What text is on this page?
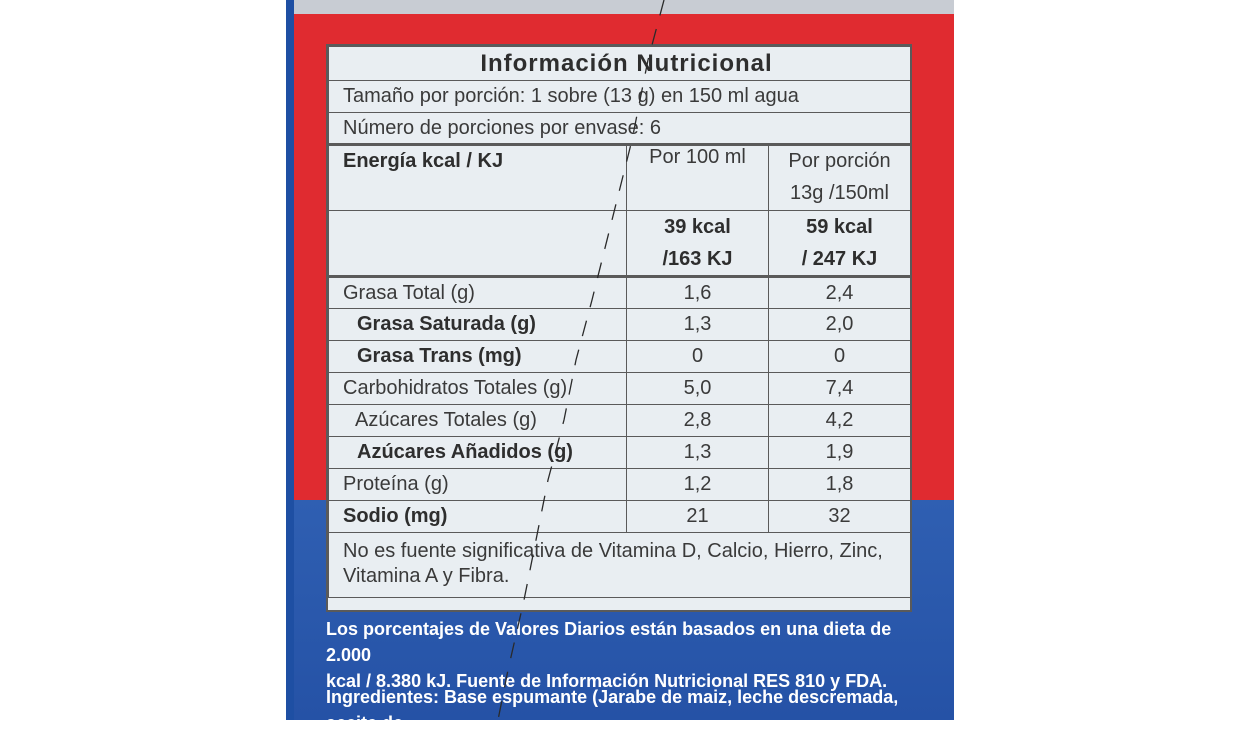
Información Nutricional		
Tamaño por porción: 1 sobre (13 g) en 150 ml agua		
Número de porciones por envase: 6		
Energía kcal / KJ	Por 100 ml	Por porción
		13g /150ml
	39 kcal	59 kcal
	/163 KJ	/ 247 KJ
Grasa Total (g)	1,6	2,4
Grasa Saturada (g)	1,3	2,0
Grasa Trans (mg)	0	0
Carbohidratos Totales (g)	5,0	7,4
Azúcares Totales (g)	2,8	4,2
Azúcares Añadidos (g)	1,3	1,9
Proteína (g)	1,2	1,8
Sodio (mg)	21	32
No es fuente significativa de Vitamina D, Calcio, Hierro, Zinc, Vitamina A y Fibra.		
Los porcentajes de Valores Diarios están basados en una dieta de 2.000
kcal / 8.380 kJ. Fuente de Información Nutricional RES 810 y FDA.
Ingredientes: Base espumante (Jarabe de maiz, leche descremada, aceite de
